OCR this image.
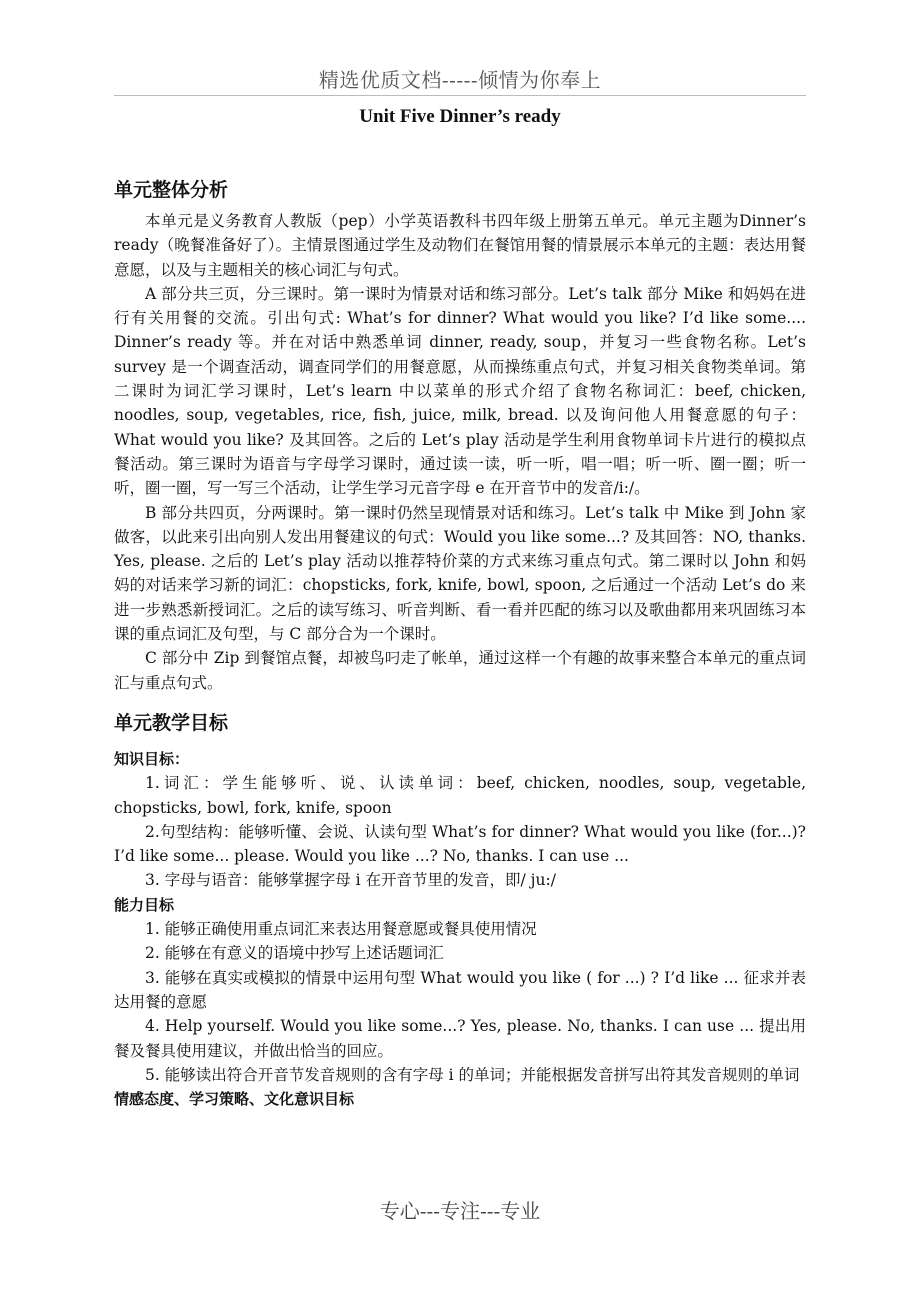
精选优质文档-----倾情为你奉上
Unit Five Dinner’s ready
单元整体分析

本单元是义务教育人教版（pep）小学英语教科书四年级上册第五单元。单元主题为Dinner’s ready（晚餐准备好了）。主情景图通过学生及动物们在餐馆用餐的情景展示本单元的主题：表达用餐意愿，以及与主题相关的核心词汇与句式。

A 部分共三页，分三课时。第一课时为情景对话和练习部分。Let’s talk 部分 Mike 和妈妈在进行有关用餐的交流。引出句式: What’s for dinner? What would you like? I’d like some.... Dinner’s ready 等。并在对话中熟悉单词 dinner, ready, soup，并复习一些食物名称。Let’s survey 是一个调查活动，调查同学们的用餐意愿，从而操练重点句式，并复习相关食物类单词。第二课时为词汇学习课时，Let’s learn 中以菜单的形式介绍了食物名称词汇：beef, chicken, noodles, soup, vegetables, rice, fish, juice, milk, bread. 以及询问他人用餐意愿的句子：What would you like? 及其回答。之后的 Let’s play 活动是学生利用食物单词卡片进行的模拟点餐活动。第三课时为语音与字母学习课时，通过读一读，听一听，唱一唱；听一听、圈一圈；听一听，圈一圈，写一写三个活动，让学生学习元音字母 e 在开音节中的发音/i:/。

B 部分共四页，分两课时。第一课时仍然呈现情景对话和练习。Let’s talk 中 Mike 到 John 家做客，以此来引出向别人发出用餐建议的句式：Would you like some...? 及其回答：NO, thanks. Yes, please. 之后的 Let’s play 活动以推荐特价菜的方式来练习重点句式。第二课时以 John 和妈妈的对话来学习新的词汇：chopsticks, fork, knife, bowl, spoon, 之后通过一个活动 Let’s do 来进一步熟悉新授词汇。之后的读写练习、听音判断、看一看并匹配的练习以及歌曲都用来巩固练习本课的重点词汇及句型，与 C 部分合为一个课时。

C 部分中 Zip 到餐馆点餐，却被鸟叼走了帐单，通过这样一个有趣的故事来整合本单元的重点词汇与重点句式。

单元教学目标
知识目标：

1.词汇：学生能够听、说、认读单词：beef, chicken, noodles, soup, vegetable, chopsticks, bowl, fork, knife, spoon

2.句型结构：能够听懂、会说、认读句型 What’s for dinner? What would you like (for...)? I’d like some... please. Would you like ...? No, thanks. I can use ...

3. 字母与语音：能够掌握字母 i 在开音节里的发音，即/ ju:/

能力目标

1. 能够正确使用重点词汇来表达用餐意愿或餐具使用情况

2. 能够在有意义的语境中抄写上述话题词汇

3. 能够在真实或模拟的情景中运用句型 What would you like ( for ...) ? I’d like ... 征求并表达用餐的意愿

4. Help yourself. Would you like some...? Yes, please. No, thanks. I can use ... 提出用餐及餐具使用建议，并做出恰当的回应。

5. 能够读出符合开音节发音规则的含有字母 i 的单词；并能根据发音拼写出符其发音规则的单词

情感态度、学习策略、文化意识目标
专心---专注---专业
